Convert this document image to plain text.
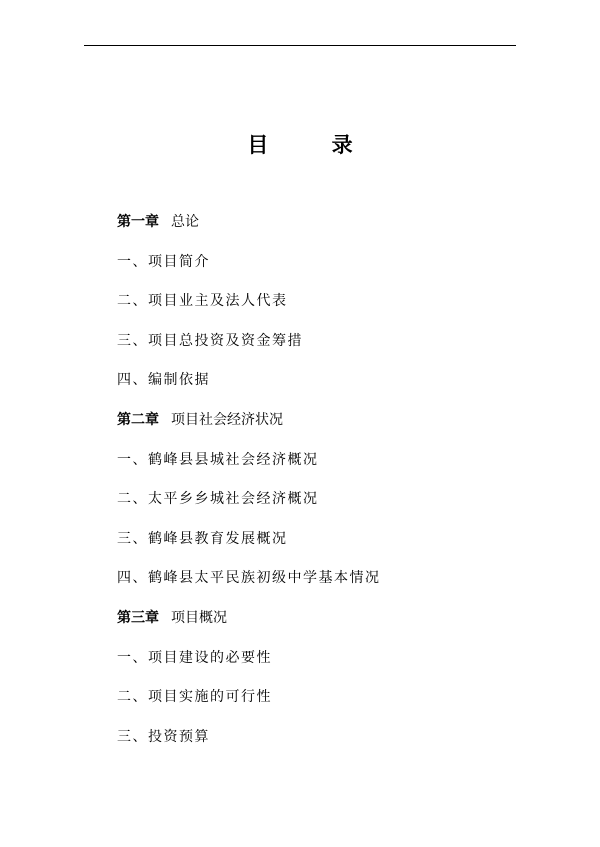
目 录
第一章 总论
一、项目简介
二、项目业主及法人代表
三、项目总投资及资金筹措
四、编制依据
第二章 项目社会经济状况
一、鹤峰县县城社会经济概况
二、太平乡乡城社会经济概况
三、鹤峰县教育发展概况
四、鹤峰县太平民族初级中学基本情况
第三章 项目概况
一、项目建设的必要性
二、项目实施的可行性
三、投资预算
